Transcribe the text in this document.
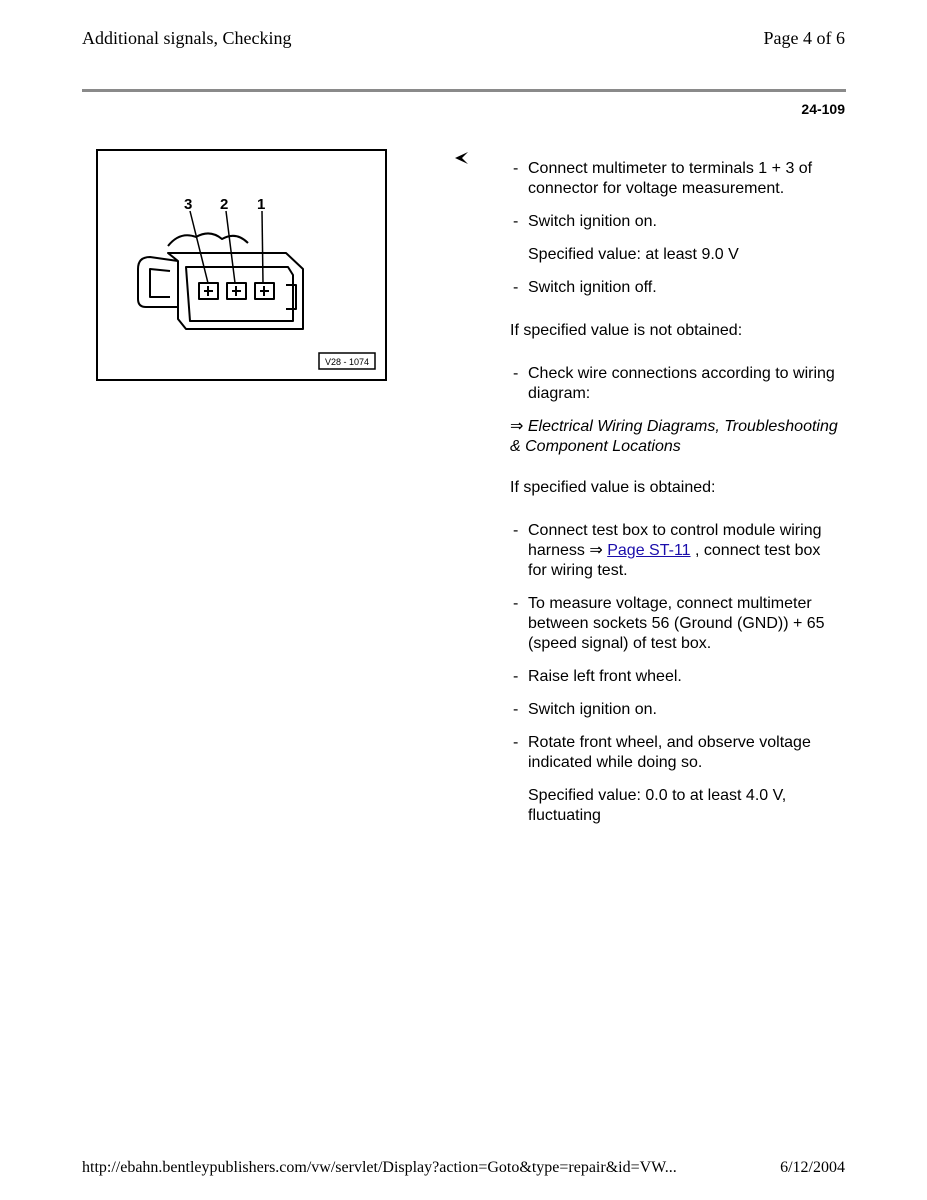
Additional signals, Checking	Page 4 of 6
24-109
3 2 1
V28 - 1074
- Connect multimeter to terminals 1 + 3 of connector for voltage measurement.
- Switch ignition on.
Specified value: at least 9.0 V
- Switch ignition off.
If specified value is not obtained:
- Check wire connections according to wiring diagram:
⇒ Electrical Wiring Diagrams, Troubleshooting & Component Locations
If specified value is obtained:
- Connect test box to control module wiring harness ⇒ Page ST-11 , connect test box for wiring test.
- To measure voltage, connect multimeter between sockets 56 (Ground (GND)) + 65 (speed signal) of test box.
- Raise left front wheel.
- Switch ignition on.
- Rotate front wheel, and observe voltage indicated while doing so.
Specified value: 0.0 to at least 4.0 V, fluctuating
http://ebahn.bentleypublishers.com/vw/servlet/Display?action=Goto&type=repair&id=VW...	6/12/2004
